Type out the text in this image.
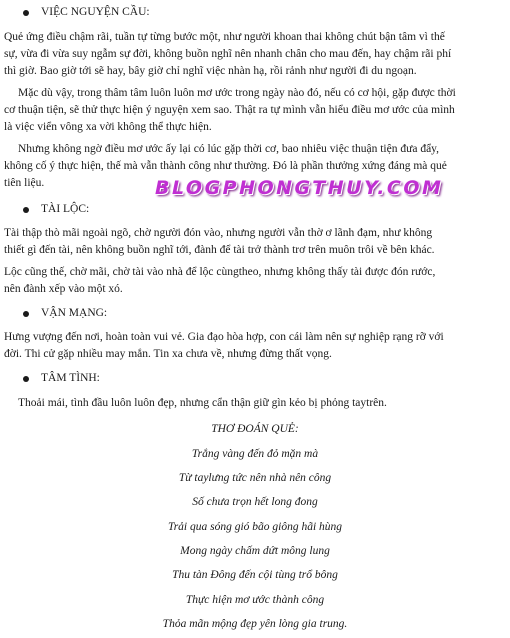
VIỆC NGUYỆN CẦU:

Quẻ ứng điều chậm rãi, tuần tự từng bước một, như người khoan thai không chút bận tâm vì thế
sự, vừa đi vừa suy ngẫm sự đời, không buồn nghĩ nên nhanh chân cho mau đến, hay chậm rãi phí
thì giờ. Bao giờ tới sẽ hay, bây giờ chỉ nghĩ việc nhàn hạ, rồi rảnh như người đi du ngoạn.

Mặc dù vậy, trong thâm tâm luôn luôn mơ ước trong ngày nào đó, nếu có cơ hội, gặp được thời
cơ thuận tiện, sẽ thử thực hiện ý nguyện xem sao. Thật ra tự mình vẫn hiểu điều mơ ước của mình
là việc viển vông xa vời không thể thực hiện.

Nhưng không ngờ điều mơ ước ấy lại có lúc gặp thời cơ, bao nhiêu việc thuận tiện đưa đẩy,
không cố ý thực hiện, thế mà vẫn thành công như thường. Đó là phần thưởng xứng đáng mà quẻ
tiên liệu.	BLOGPHONGTHUY.COM
TÀI LỘC:

Tài thập thò mãi ngoài ngõ, chờ người đón vào, nhưng người vẫn thờ ơ lãnh đạm, như không
thiết gì đến tài, nên không buồn nghĩ tới, đành để tài trở thành trơ trên muôn trôi về bên khác.

Lộc cũng thế, chờ mãi, chờ tài vào nhà để lộc cùngtheo, nhưng không thấy tài được đón rước,
nên đành xếp vào một xó.

VẬN MẠNG:

Hưng vượng đến nơi, hoàn toàn vui vẻ. Gia đạo hòa hợp, con cái làm nên sự nghiệp rạng rỡ với
đời. Thi cử gặp nhiều may mắn. Tin xa chưa về, nhưng đừng thất vọng.

TÂM TÌNH:

Thoải mái, tình đầu luôn luôn đẹp, nhưng cẩn thận giữ gìn kẻo bị phỏng taytrên.

THƠ ĐOÁN QUẺ:
Trắng vàng đến đỏ mặn mà
Từ taylưng tức nên nhà nên công
Số chưa trọn hết long đong
Trải qua sóng gió bão giông hãi hùng
Mong ngày chấm dứt mông lung
Thu tàn Đông đến cội tùng trổ bông
Thực hiện mơ ước thành công
Thỏa mãn mộng đẹp yên lòng gia trung.
